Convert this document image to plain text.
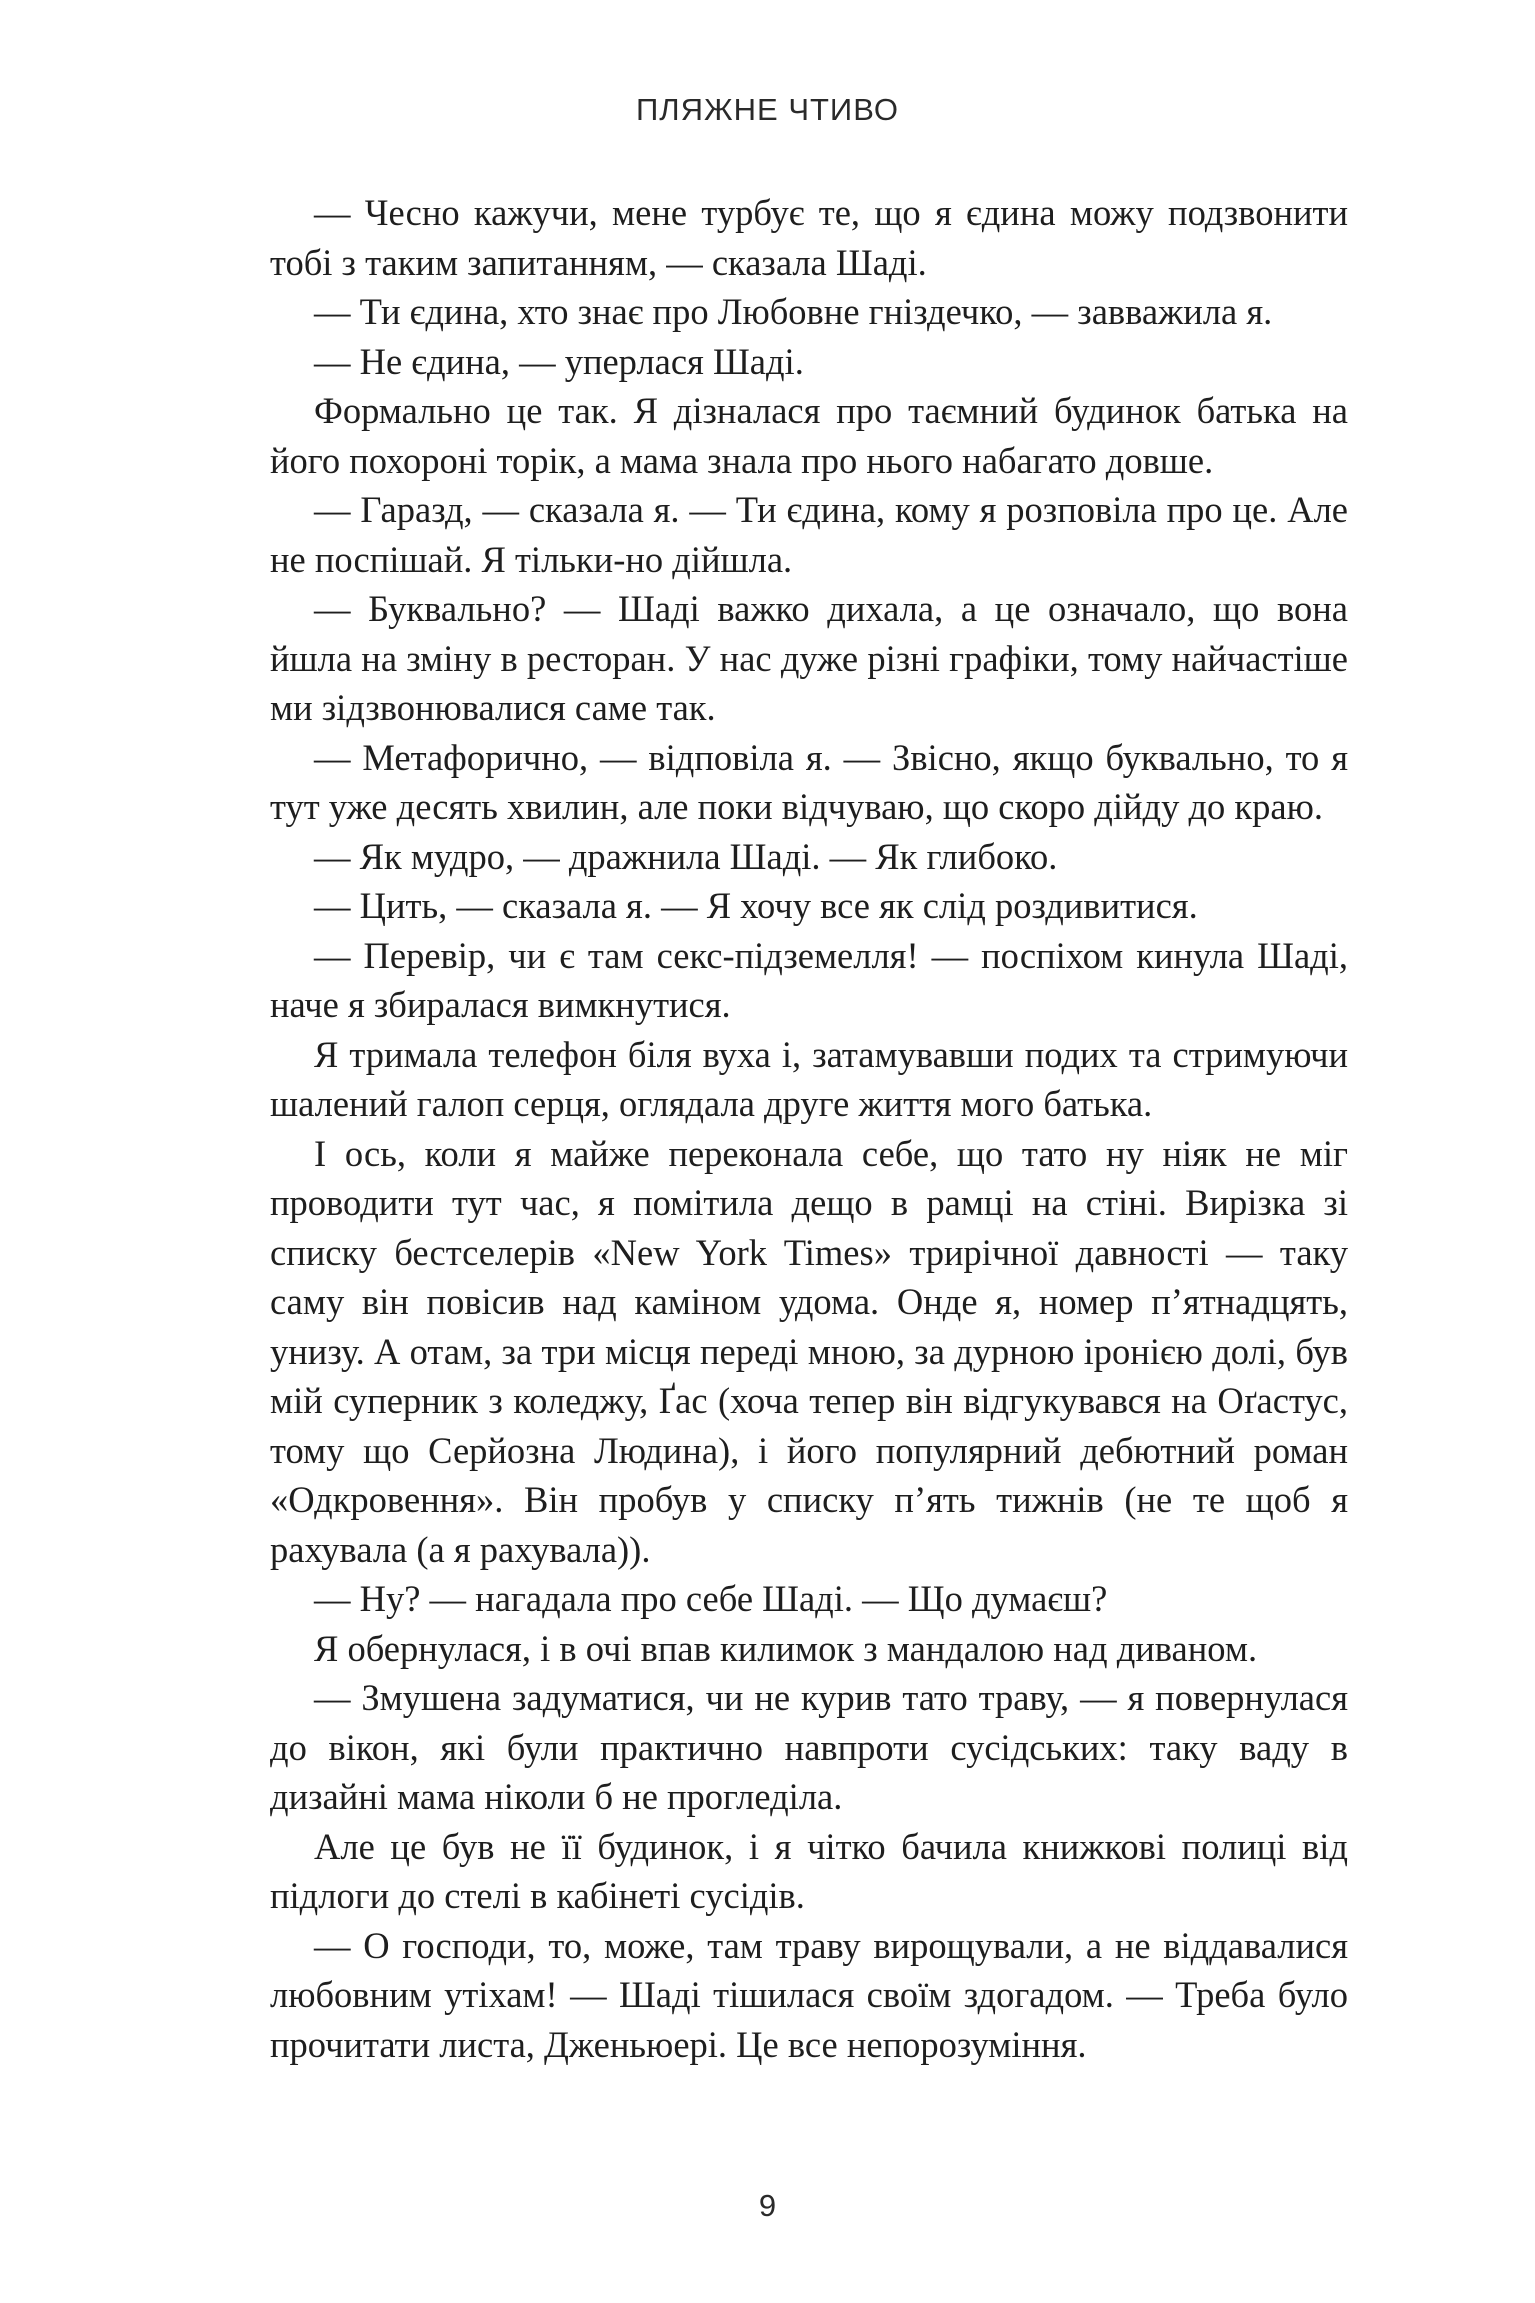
ПЛЯЖНЕ ЧТИВО

— Чесно кажучи, мене турбує те, що я єдина можу подзвонити тобі з таким запитанням, — сказала Шаді.

— Ти єдина, хто знає про Любовне гніздечко, — завважила я.

— Не єдина, — уперлася Шаді.

Формально це так. Я дізналася про таємний будинок батька на його похороні торік, а мама знала про нього набагато довше.

— Гаразд, — сказала я. — Ти єдина, кому я розповіла про це. Але не поспішай. Я тільки-но дійшла.

— Буквально? — Шаді важко дихала, а це означало, що вона йшла на зміну в ресторан. У нас дуже різні графіки, тому найчастіше ми зідзвонювалися саме так.

— Метафорично, — відповіла я. — Звісно, якщо буквально, то я тут уже десять хвилин, але поки відчуваю, що скоро дійду до краю.

— Як мудро, — дражнила Шаді. — Як глибоко.

— Цить, — сказала я. — Я хочу все як слід роздивитися.

— Перевір, чи є там секс-підземелля! — поспіхом кинула Шаді, наче я збиралася вимкнутися.

Я тримала телефон біля вуха і, затамувавши подих та стримуючи шалений галоп серця, оглядала друге життя мого батька.

І ось, коли я майже переконала себе, що тато ну ніяк не міг проводити тут час, я помітила дещо в рамці на стіні. Вирізка зі списку бестселерів «New York Times» трирічної давності — таку саму він повісив над каміном удома. Онде я, номер п’ятнадцять, унизу. А отам, за три місця переді мною, за дурною іронією долі, був мій суперник з коледжу, Ґас (хоча тепер він відгукувався на Оґастус, тому що Серйозна Людина), і його популярний дебютний роман «Одкровення». Він пробув у списку п’ять тижнів (не те щоб я рахувала (а я рахувала)).

— Ну? — нагадала про себе Шаді. — Що думаєш?

Я обернулася, і в очі впав килимок з мандалою над диваном.

— Змушена задуматися, чи не курив тато траву, — я повернулася до вікон, які були практично навпроти сусідських: таку ваду в дизайні мама ніколи б не прогледіла.

Але це був не її будинок, і я чітко бачила книжкові полиці від підлоги до стелі в кабінеті сусідів.

— О господи, то, може, там траву вирощували, а не віддавалися любовним утіхам! — Шаді тішилася своїм здогадом. — Треба було прочитати листа, Дженьюері. Це все непорозуміння.

9
